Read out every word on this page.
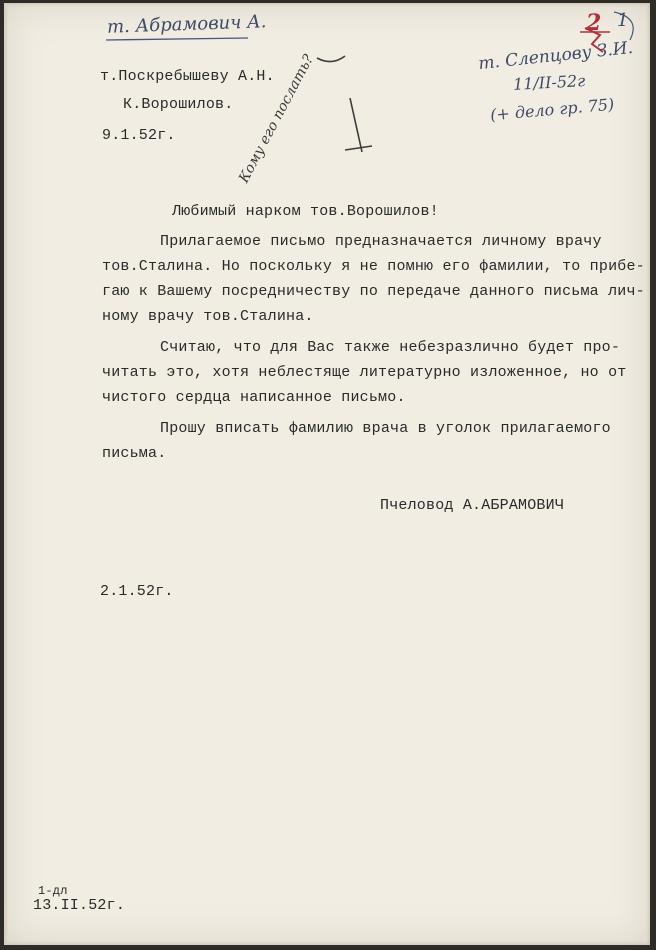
т. Абрамович А.	2 1
т. Слепцову З.И.
11/II-52г
(+ дело гр. 75)
Кому его послать?

т.Поскребышеву А.Н.

К.Ворошилов.

9.1.52г.

Любимый нарком тов.Ворошилов!

Прилагаемое письмо предназначается личному врачу

тов.Сталина. Но поскольку я не помню его фамилии, то прибе-

гаю к Вашему посредничеству по передаче данного письма лич-

ному врачу тов.Сталина.

Считаю, что для Вас также небезразлично будет про-

читать это, хотя неблестяще литературно изложенное, но от

чистого сердца написанное письмо.

Прошу вписать фамилию врача в уголок прилагаемого

письма.

Пчеловод А.АБРАМОВИЧ

2.1.52г.

1-дл

13.II.52г.
